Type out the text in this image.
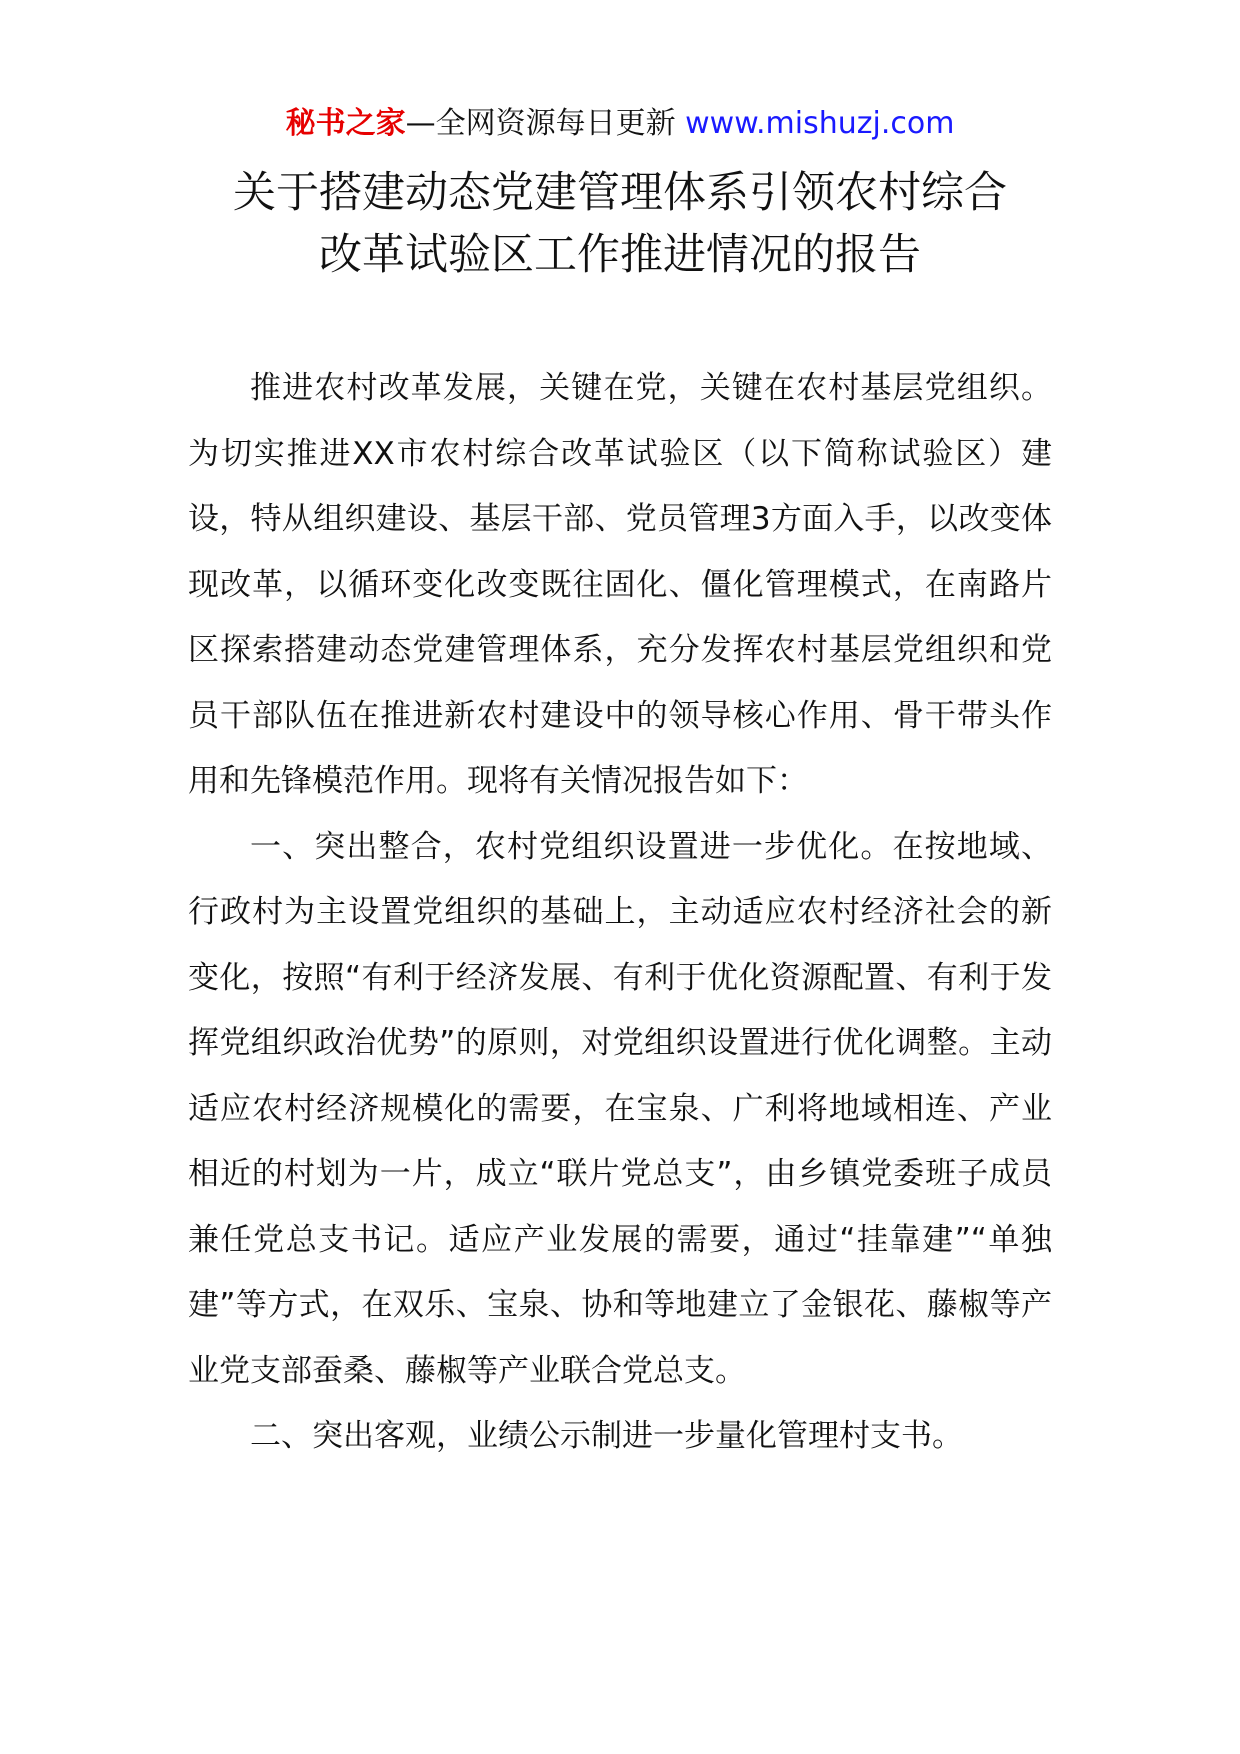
秘书之家—全网资源每日更新 www.mishuzj.com
关于搭建动态党建管理体系引领农村综合
改革试验区工作推进情况的报告

推进农村改革发展，关键在党，关键在农村基层党组织。为切实推进XX市农村综合改革试验区（以下简称试验区）建设，特从组织建设、基层干部、党员管理3方面入手，以改变体现改革，以循环变化改变既往固化、僵化管理模式，在南路片区探索搭建动态党建管理体系，充分发挥农村基层党组织和党员干部队伍在推进新农村建设中的领导核心作用、骨干带头作用和先锋模范作用。现将有关情况报告如下：

一、突出整合，农村党组织设置进一步优化。在按地域、行政村为主设置党组织的基础上，主动适应农村经济社会的新变化，按照“有利于经济发展、有利于优化资源配置、有利于发挥党组织政治优势”的原则，对党组织设置进行优化调整。主动适应农村经济规模化的需要，在宝泉、广利将地域相连、产业相近的村划为一片，成立“联片党总支”，由乡镇党委班子成员兼任党总支书记。适应产业发展的需要，通过“挂靠建”“单独建”等方式，在双乐、宝泉、协和等地建立了金银花、藤椒等产业党支部蚕桑、藤椒等产业联合党总支。

二、突出客观，业绩公示制进一步量化管理村支书。
